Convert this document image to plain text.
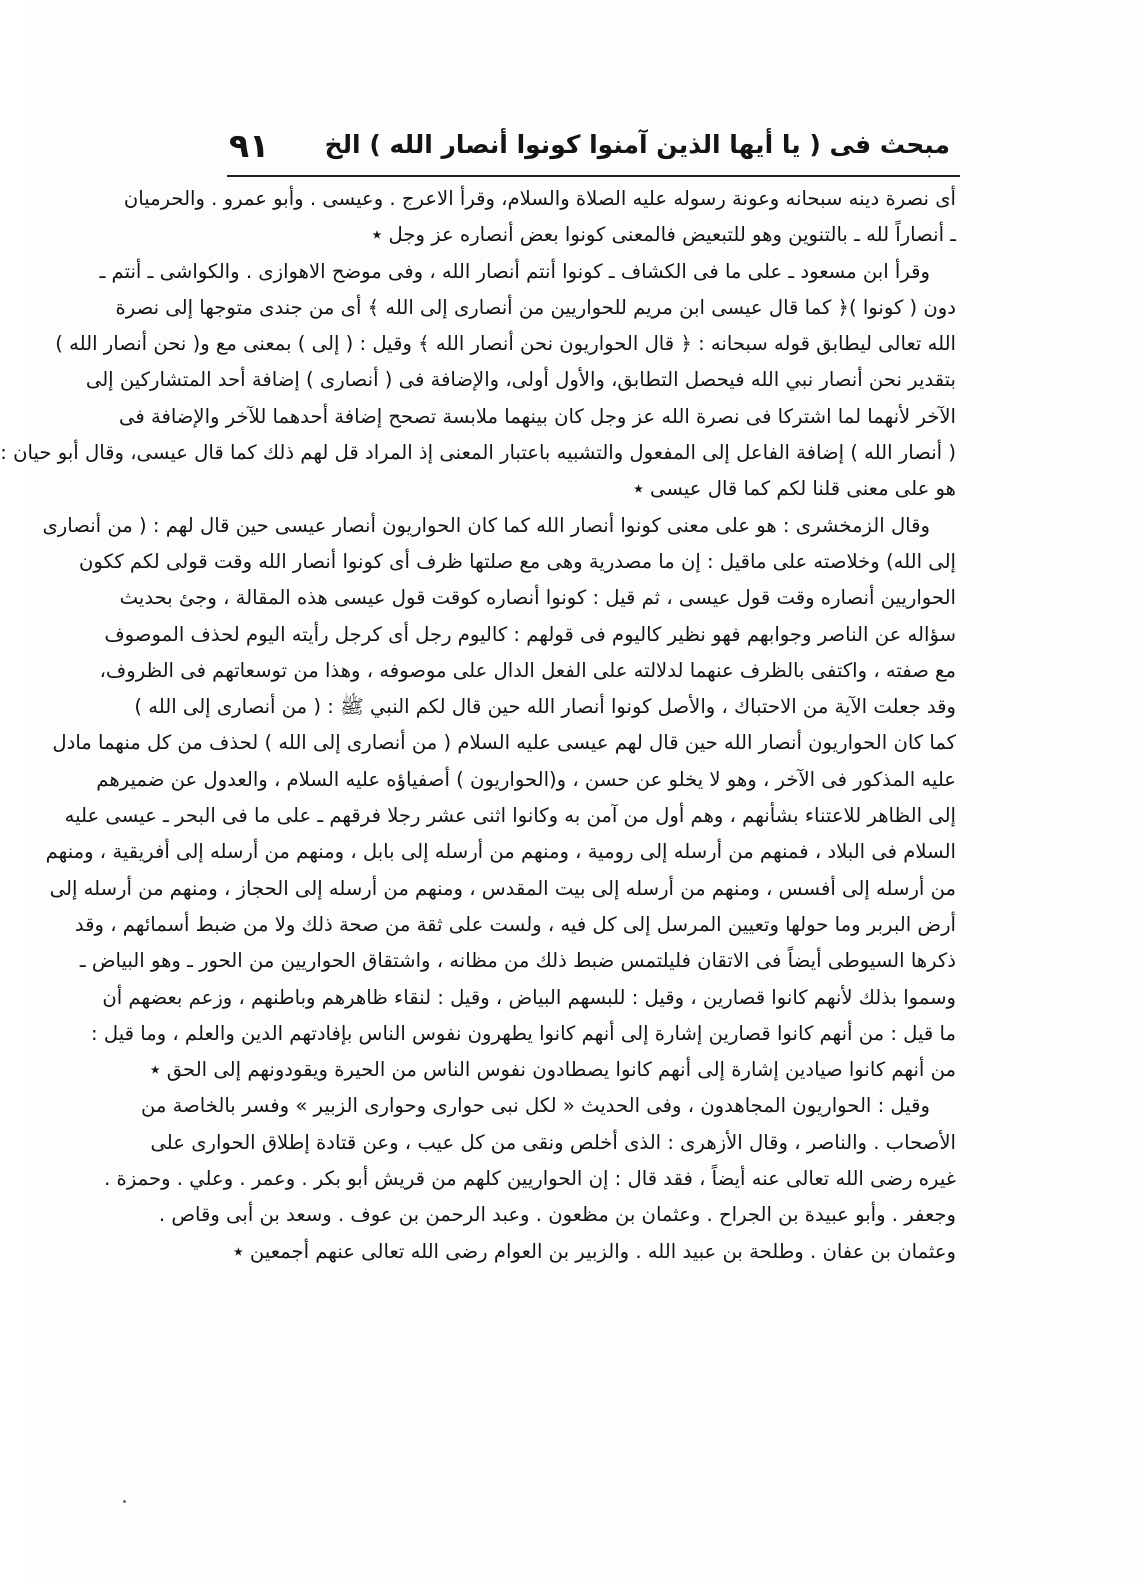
٩١ مبحث فى ( يا أيها الذين آمنوا كونوا أنصار الله ) الخ
أى نصرة دينه سبحانه وعونة رسوله عليه الصلاة والسلام، وقرأ الاعرج . وعيسى . وأبو عمرو . والحرميان
ـ أنصاراً لله ـ بالتنوين وهو للتبعيض فالمعنى كونوا بعض أنصاره عز وجل ٭
وقرأ ابن مسعود ـ على ما فى الكشاف ـ كونوا أنتم أنصار الله ، وفى موضح الاهوازى . والكواشى ـ أنتم ـ
دون ( كونوا )﴿ كما قال عيسى ابن مريم للحواريين من أنصارى إلى الله ﴾ أى من جندى متوجها إلى نصرة
الله تعالى ليطابق قوله سبحانه : ﴿ قال الحواريون نحن أنصار الله ﴾ وقيل : ( إلى ) بمعنى مع و( نحن أنصار الله )
بتقدير نحن أنصار نبي الله فيحصل التطابق، والأول أولى، والإضافة فى ( أنصارى ) إضافة أحد المتشاركين إلى
الآخر لأنهما لما اشتركا فى نصرة الله عز وجل كان بينهما ملابسة تصحح إضافة أحدهما للآخر والإضافة فى
( أنصار الله ) إضافة الفاعل إلى المفعول والتشبيه باعتبار المعنى إذ المراد قل لهم ذلك كما قال عيسى، وقال أبو حيان :
هو على معنى قلنا لكم كما قال عيسى ٭
وقال الزمخشرى : هو على معنى كونوا أنصار الله كما كان الحواريون أنصار عيسى حين قال لهم : ( من أنصارى
إلى الله) وخلاصته على ماقيل : إن ما مصدرية وهى مع صلتها ظرف أى كونوا أنصار الله وقت قولى لكم ككون
الحواريين أنصاره وقت قول عيسى ، ثم قيل : كونوا أنصاره كوقت قول عيسى هذه المقالة ، وجئ بحديث
سؤاله عن الناصر وجوابهم فهو نظير كاليوم فى قولهم : كاليوم رجل أى كرجل رأيته اليوم لحذف الموصوف
مع صفته ، واكتفى بالظرف عنهما لدلالته على الفعل الدال على موصوفه ، وهذا من توسعاتهم فى الظروف،
وقد جعلت الآية من الاحتباك ، والأصل كونوا أنصار الله حين قال لكم النبي ﷺ : ( من أنصارى إلى الله )
كما كان الحواريون أنصار الله حين قال لهم عيسى عليه السلام ( من أنصارى إلى الله ) لحذف من كل منهما مادل
عليه المذكور فى الآخر ، وهو لا يخلو عن حسن ، و(الحواريون ) أصفياؤه عليه السلام ، والعدول عن ضميرهم
إلى الظاهر للاعتناء بشأنهم ، وهم أول من آمن به وكانوا اثنى عشر رجلا فرقهم ـ على ما فى البحر ـ عيسى عليه
السلام فى البلاد ، فمنهم من أرسله إلى رومية ، ومنهم من أرسله إلى بابل ، ومنهم من أرسله إلى أفريقية ، ومنهم
من أرسله إلى أفسس ، ومنهم من أرسله إلى بيت المقدس ، ومنهم من أرسله إلى الحجاز ، ومنهم من أرسله إلى
أرض البربر وما حولها وتعيين المرسل إلى كل فيه ، ولست على ثقة من صحة ذلك ولا من ضبط أسمائهم ، وقد
ذكرها السيوطى أيضاً فى الاتقان فليلتمس ضبط ذلك من مظانه ، واشتقاق الحواريين من الحور ـ وهو البياض ـ
وسموا بذلك لأنهم كانوا قصارين ، وقيل : للبسهم البياض ، وقيل : لنقاء ظاهرهم وباطنهم ، وزعم بعضهم أن
ما قيل : من أنهم كانوا قصارين إشارة إلى أنهم كانوا يطهرون نفوس الناس بإفادتهم الدين والعلم ، وما قيل :
من أنهم كانوا صيادين إشارة إلى أنهم كانوا يصطادون نفوس الناس من الحيرة ويقودونهم إلى الحق ٭
وقيل : الحواريون المجاهدون ، وفى الحديث « لكل نبى حوارى وحوارى الزبير » وفسر بالخاصة من
الأصحاب . والناصر ، وقال الأزهرى : الذى أخلص ونقى من كل عيب ، وعن قتادة إطلاق الحوارى على
غيره رضى الله تعالى عنه أيضاً ، فقد قال : إن الحواريين كلهم من قريش أبو بكر . وعمر . وعلي . وحمزة .
وجعفر . وأبو عبيدة بن الجراح . وعثمان بن مظعون . وعبد الرحمن بن عوف . وسعد بن أبى وقاص .
وعثمان بن عفان . وطلحة بن عبيد الله . والزبير بن العوام رضى الله تعالى عنهم أجمعين ٭
